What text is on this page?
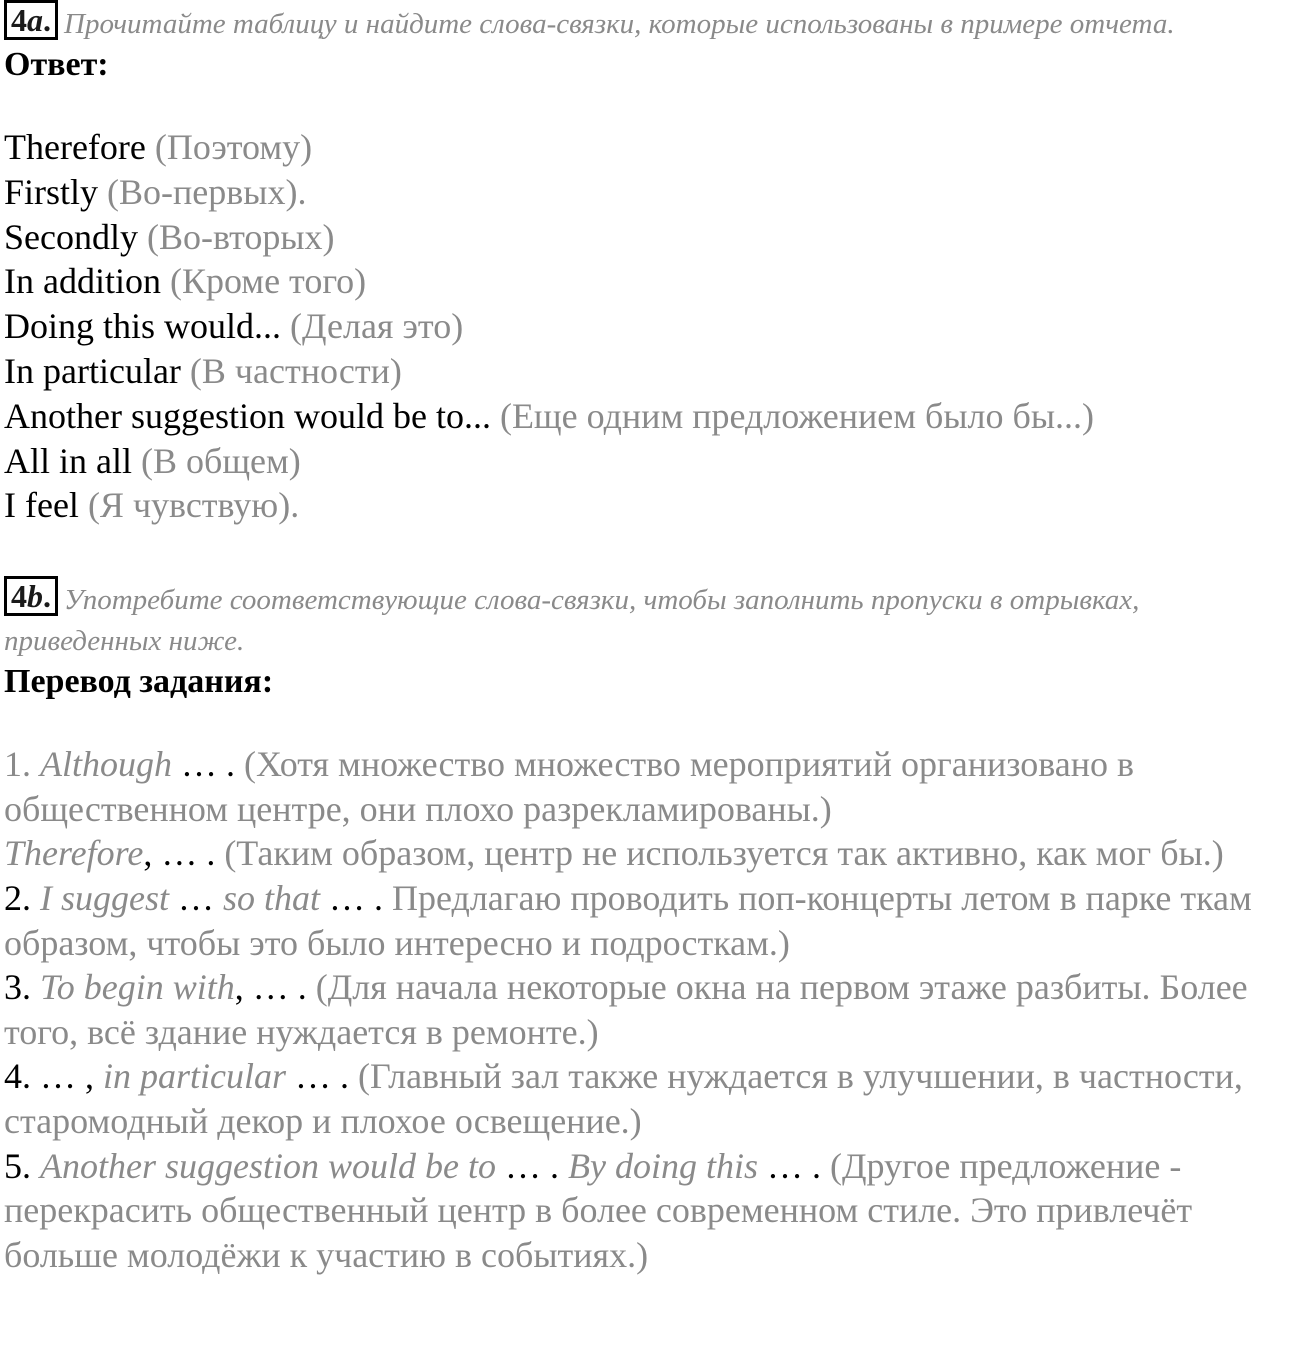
4a. Прочитайте таблицу и найдите слова-связки, которые использованы в примере отчета.

Ответ:

Therefore (Поэтому)

Firstly (Во-первых).

Secondly (Во-вторых)

In addition (Кроме того)

Doing this would... (Делая это)

In particular (В частности)

Another suggestion would be to... (Еще одним предложением было бы...)

All in all (В общем)

I feel (Я чувствую).

4b. Употребите соответствующие слова-связки, чтобы заполнить пропуски в отрывках, приведенных ниже.

Перевод задания:

1. Although … . (Хотя множество множество мероприятий организовано в общественном центре, они плохо разрекламированы.)

Therefore, … . (Таким образом, центр не используется так активно, как мог бы.)

2. I suggest … so that … . Предлагаю проводить поп-концерты летом в парке ткам образом, чтобы это было интересно и подросткам.)

3. To begin with, … . (Для начала некоторые окна на первом этаже разбиты. Более того, всё здание нуждается в ремонте.)

4. … , in particular … . (Главный зал также нуждается в улучшении, в частности, старомодный декор и плохое освещение.)

5. Another suggestion would be to … . By doing this … . (Другое предложение - перекрасить общественный центр в более современном стиле. Это привлечёт больше молодёжи к участию в событиях.)
